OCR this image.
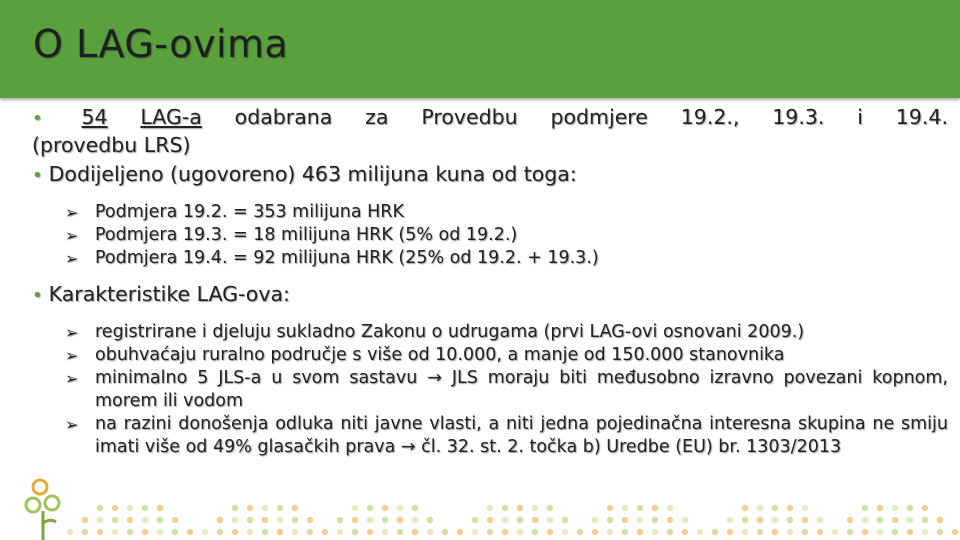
O LAG-ovima
• 54 LAG-a odabrana za Provedbu podmjere 19.2., 19.3. i 19.4.
(provedbu LRS)
• Dodijeljeno (ugovoreno) 463 milijuna kuna od toga:
➢ Podmjera 19.2. = 353 milijuna HRK
➢ Podmjera 19.3. = 18 milijuna HRK (5% od 19.2.)
➢ Podmjera 19.4. = 92 milijuna HRK (25% od 19.2. + 19.3.)
• Karakteristike LAG-ova:
➢ registrirane i djeluju sukladno Zakonu o udrugama (prvi LAG-ovi osnovani 2009.)
➢ obuhvaćaju ruralno područje s više od 10.000, a manje od 150.000 stanovnika
➢ minimalno 5 JLS-a u svom sastavu → JLS moraju biti međusobno izravno povezani kopnom, morem ili vodom
➢ na razini donošenja odluka niti javne vlasti, a niti jedna pojedinačna interesna skupina ne smiju imati više od 49% glasačkih prava → čl. 32. st. 2. točka b) Uredbe (EU) br. 1303/2013
